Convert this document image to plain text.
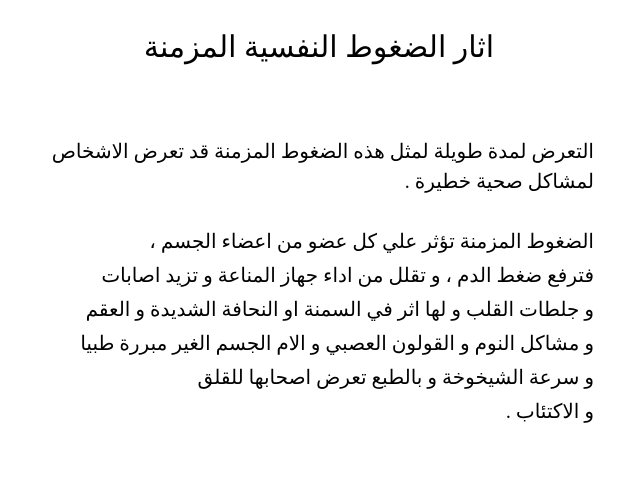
اثار الضغوط النفسية المزمنة
التعرض لمدة طويلة لمثل هذه الضغوط المزمنة قد تعرض الاشخاص
لمشاكل صحية خطيرة .
الضغوط المزمنة تؤثر علي كل عضو من اعضاء الجسم ،
فترفع ضغط الدم ، و تقلل من اداء جهاز المناعة و تزيد اصابات
و جلطات القلب و لها اثر في السمنة او النحافة الشديدة و العقم
و مشاكل النوم و القولون العصبي و الام الجسم الغير مبررة طبيا
و سرعة الشيخوخة و بالطبع تعرض اصحابها للقلق
و الاكتئاب .
